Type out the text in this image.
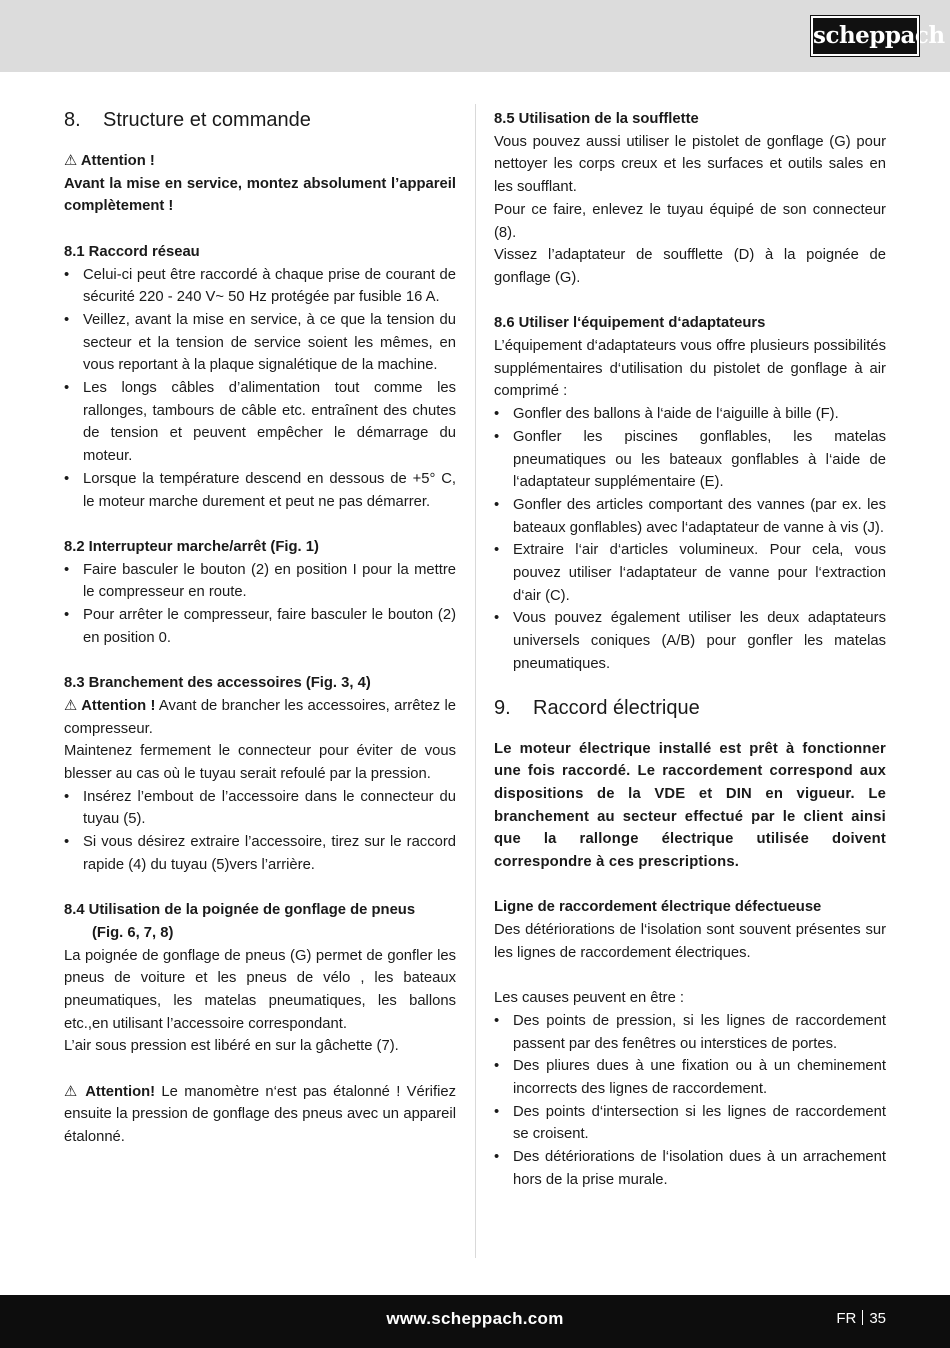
scheppach
8.	Structure et commande

⚠ Attention !

Avant la mise en service, montez absolument l’appareil complètement !

8.1 Raccord réseau

• Celui-ci peut être raccordé à chaque prise de courant de sécurité 220 - 240 V~ 50 Hz protégée par fusible 16 A.
• Veillez, avant la mise en service, à ce que la tension du secteur et la tension de service soient les mêmes, en vous reportant à la plaque signalétique de la machine.
• Les longs câbles d’alimentation tout comme les rallonges, tambours de câble etc. entraînent des chutes de tension et peuvent empêcher le démarrage du moteur.
• Lorsque la température descend en dessous de +5° C, le moteur marche durement et peut ne pas démarrer.

8.2 Interrupteur marche/arrêt (Fig. 1)

• Faire basculer le bouton (2) en position I pour la mettre le compresseur en route.
• Pour arrêter le compresseur, faire basculer le bouton (2) en position 0.

8.3 Branchement des accessoires (Fig. 3, 4)

⚠ Attention ! Avant de brancher les accessoires, arrêtez le compresseur.

Maintenez fermement le connecteur pour éviter de vous blesser au cas où le tuyau serait refoulé par la pression.

• Insérez l’embout de l’accessoire dans le connecteur du tuyau (5).
• Si vous désirez extraire l’accessoire, tirez sur le raccord rapide (4) du tuyau (5)vers l’arrière.

8.4 Utilisation de la poignée de gonflage de pneus

(Fig. 6, 7, 8)

La poignée de gonflage de pneus (G) permet de gonfler les pneus de voiture et les pneus de vélo , les bateaux pneumatiques, les matelas pneumatiques, les ballons etc.,en utilisant l’accessoire correspondant.

L’air sous pression est libéré en sur la gâchette (7).

⚠ Attention! Le manomètre n‘est pas étalonné ! Vérifiez ensuite la pression de gonflage des pneus avec un appareil étalonné.

8.5 Utilisation de la soufflette

Vous pouvez aussi utiliser le pistolet de gonflage (G) pour nettoyer les corps creux et les surfaces et outils sales en les soufflant.

Pour ce faire, enlevez le tuyau équipé de son connecteur (8).

Vissez l’adaptateur de soufflette (D) à la poignée de gonflage (G).

8.6 Utiliser l‘équipement d‘adaptateurs

L’équipement d‘adaptateurs vous offre plusieurs possibilités supplémentaires d‘utilisation du pistolet de gonflage à air comprimé :

• Gonfler des ballons à l‘aide de l‘aiguille à bille (F).
• Gonfler les piscines gonflables, les matelas pneumatiques ou les bateaux gonflables à l‘aide de l‘adaptateur supplémentaire (E).
• Gonfler des articles comportant des vannes (par ex. les bateaux gonflables) avec l‘adaptateur de vanne à vis (J).
• Extraire l‘air d‘articles volumineux. Pour cela, vous pouvez utiliser l‘adaptateur de vanne pour l‘extraction d‘air (C).
• Vous pouvez également utiliser les deux adaptateurs universels coniques (A/B) pour gonfler les matelas pneumatiques.
9.	Raccord électrique

Le moteur électrique installé est prêt à fonctionner une fois raccordé. Le raccordement correspond aux dispositions de la VDE et DIN en vigueur. Le branchement au secteur effectué par le client ainsi que la rallonge électrique utilisée doivent correspondre à ces prescriptions.

Ligne de raccordement électrique défectueuse

Des détériorations de l‘isolation sont souvent présentes sur les lignes de raccordement électriques.

Les causes peuvent en être :

• Des points de pression, si les lignes de raccordement passent par des fenêtres ou interstices de portes.
• Des pliures dues à une fixation ou à un cheminement incorrects des lignes de raccordement.
• Des points d‘intersection si les lignes de raccordement se croisent.
• Des détériorations de l‘isolation dues à un arrachement hors de la prise murale.
www.scheppach.com	FR 35
